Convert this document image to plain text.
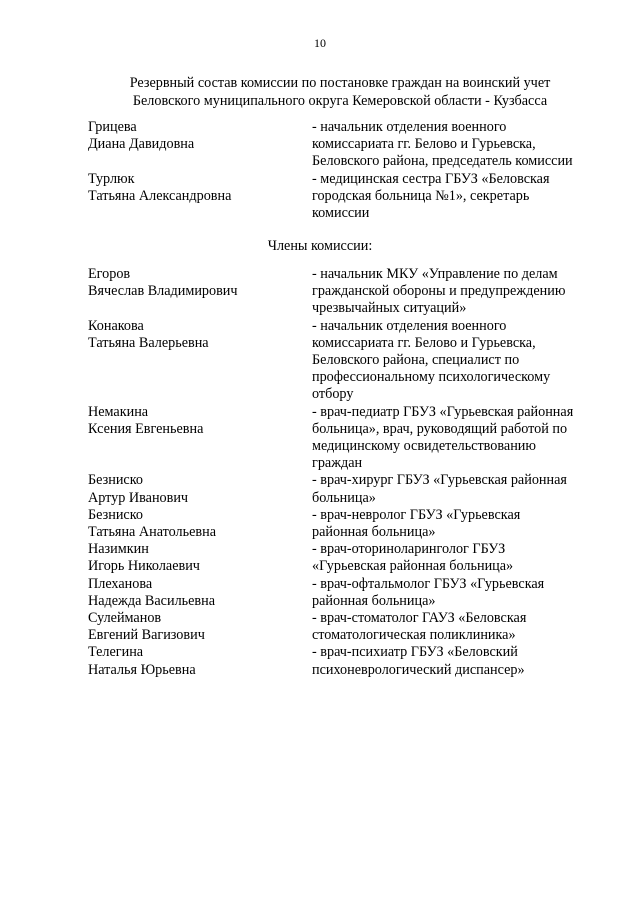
10
Резервный состав комиссии по постановке граждан на воинский учет
Беловского муниципального округа Кемеровской области - Кузбасса
Грицева
Диана Давидовна
- начальник отделения военного
комиссариата гг. Белово и Гурьевска,
Беловского района, председатель комиссии
Турлюк
Татьяна Александровна
- медицинская сестра ГБУЗ «Беловская
городская больница №1», секретарь
комиссии
Члены комиссии:
Егоров
Вячеслав Владимирович
- начальник МКУ «Управление по делам
гражданской обороны и предупреждению
чрезвычайных ситуаций»
Конакова
Татьяна Валерьевна
- начальник отделения военного
комиссариата гг. Белово и Гурьевска,
Беловского района, специалист по
профессиональному психологическому
отбору
Немакина
Ксения Евгеньевна
- врач-педиатр ГБУЗ «Гурьевская районная
больница», врач, руководящий работой по
медицинскому освидетельствованию
граждан
Безниско
Артур Иванович
- врач-хирург ГБУЗ «Гурьевская районная
больница»
Безниско
Татьяна Анатольевна
- врач-невролог ГБУЗ «Гурьевская
районная больница»
Назимкин
Игорь Николаевич
- врач-оториноларинголог ГБУЗ
«Гурьевская районная больница»
Плеханова
Надежда Васильевна
- врач-офтальмолог ГБУЗ «Гурьевская
районная больница»
Сулейманов
Евгений Вагизович
- врач-стоматолог ГАУЗ «Беловская
стоматологическая поликлиника»
Телегина
Наталья Юрьевна
- врач-психиатр ГБУЗ «Беловский
психоневрологический диспансер»
